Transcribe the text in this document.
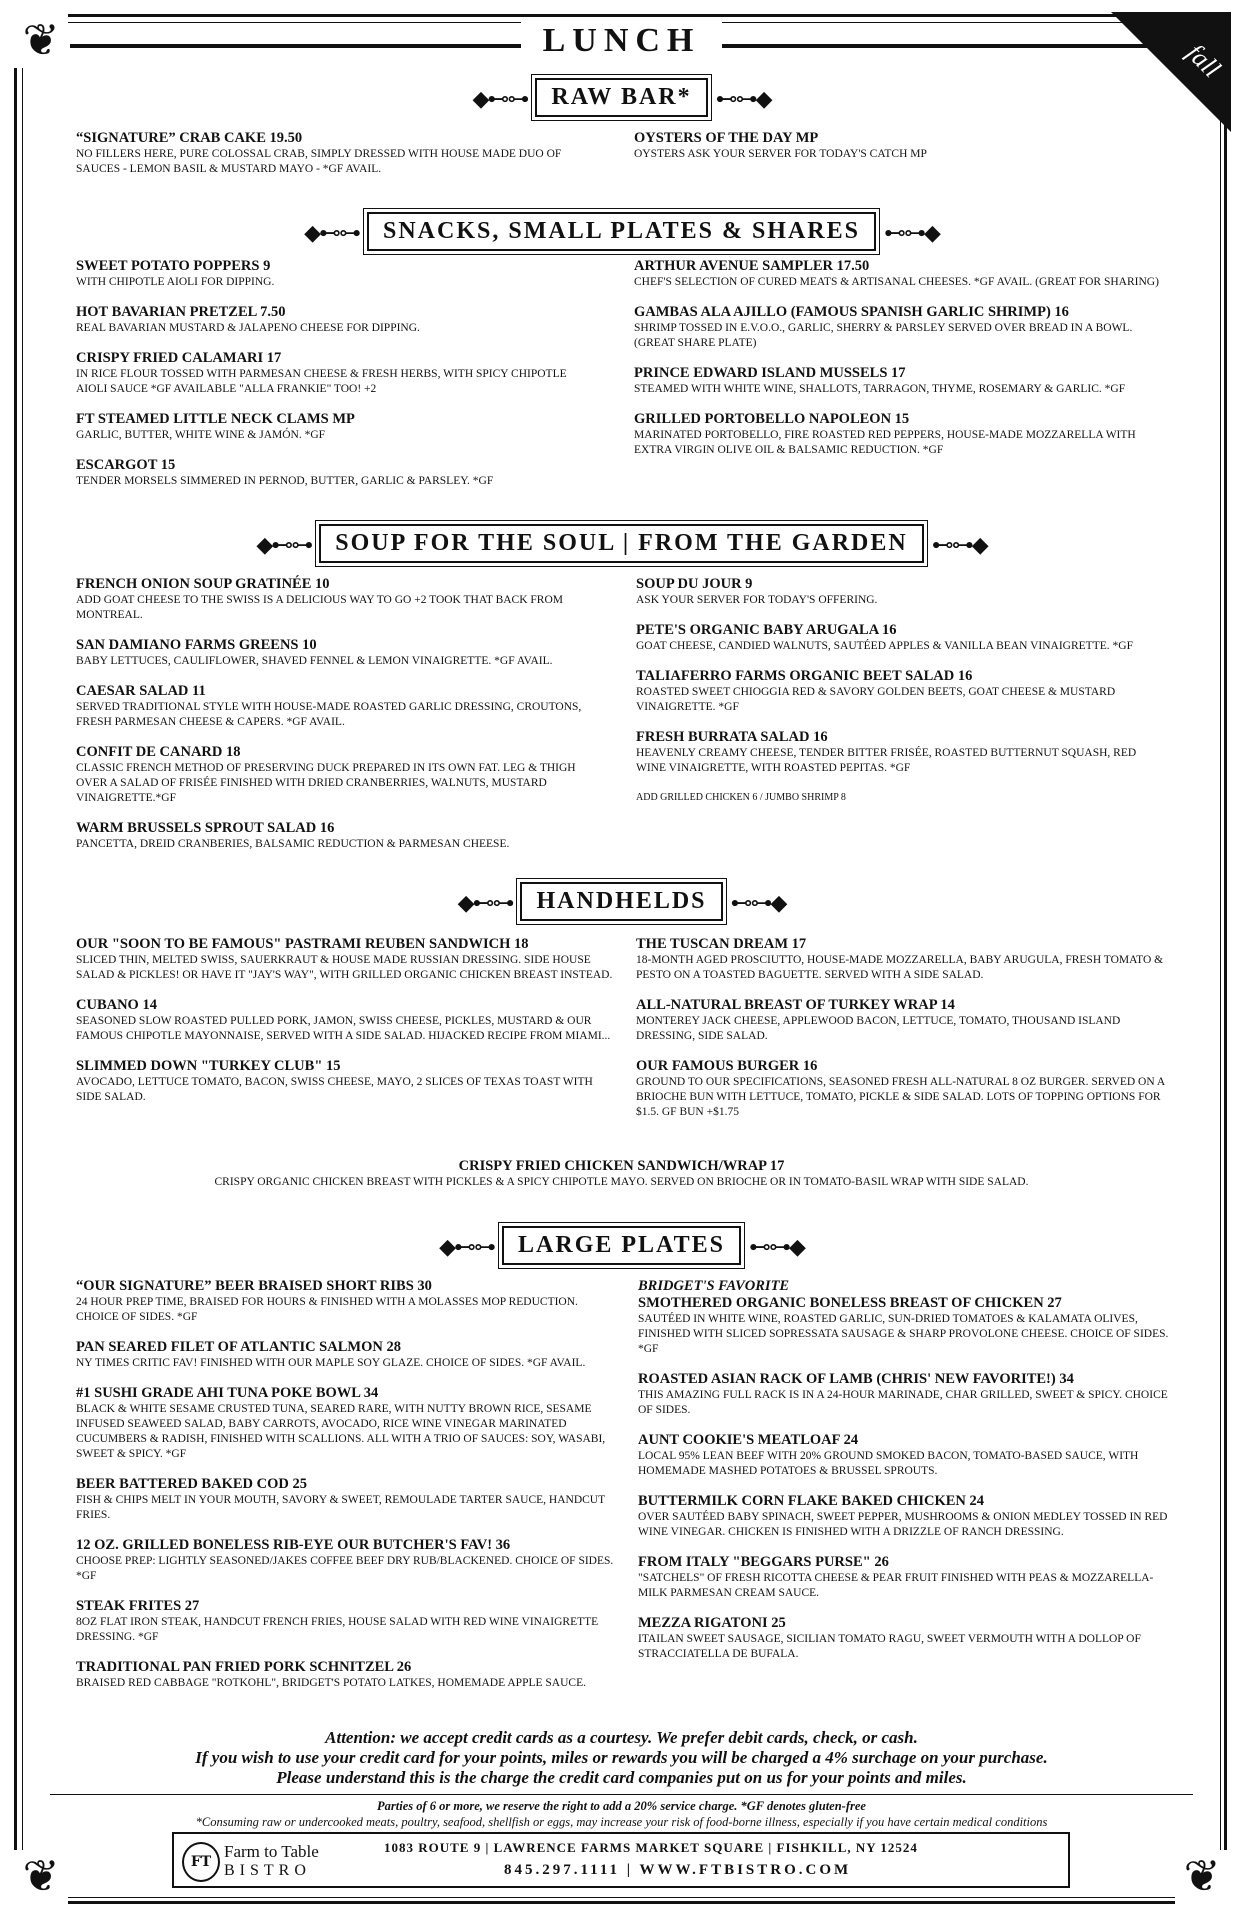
❦
❦	❦
LUNCH	fall
◆⊷⊶ RAW BAR* ⊷⊶◆
“SIGNATURE” CRAB CAKE 19.50
NO FILLERS HERE, PURE COLOSSAL CRAB, SIMPLY DRESSED WITH HOUSE MADE DUO OF SAUCES - LEMON BASIL & MUSTARD MAYO - *GF AVAIL.
OYSTERS OF THE DAY MP
OYSTERS ASK YOUR SERVER FOR TODAY'S CATCH MP
◆⊷⊶ SNACKS, SMALL PLATES & SHARES ⊷⊶◆
SWEET POTATO POPPERS 9
WITH CHIPOTLE AIOLI FOR DIPPING.
HOT BAVARIAN PRETZEL 7.50
REAL BAVARIAN MUSTARD & JALAPENO CHEESE FOR DIPPING.
CRISPY FRIED CALAMARI 17
IN RICE FLOUR TOSSED WITH PARMESAN CHEESE & FRESH HERBS, WITH SPICY CHIPOTLE AIOLI SAUCE *GF AVAILABLE "ALLA FRANKIE" TOO! +2
FT STEAMED LITTLE NECK CLAMS MP
GARLIC, BUTTER, WHITE WINE & JAMÓN. *GF
ESCARGOT 15
TENDER MORSELS SIMMERED IN PERNOD, BUTTER, GARLIC & PARSLEY. *GF
ARTHUR AVENUE SAMPLER 17.50
CHEF'S SELECTION OF CURED MEATS & ARTISANAL CHEESES. *GF AVAIL. (GREAT FOR SHARING)
GAMBAS ALA AJILLO (FAMOUS SPANISH GARLIC SHRIMP) 16
SHRIMP TOSSED IN E.V.O.O., GARLIC, SHERRY & PARSLEY SERVED OVER BREAD IN A BOWL. (GREAT SHARE PLATE)
PRINCE EDWARD ISLAND MUSSELS 17
STEAMED WITH WHITE WINE, SHALLOTS, TARRAGON, THYME, ROSEMARY & GARLIC. *GF
GRILLED PORTOBELLO NAPOLEON 15
MARINATED PORTOBELLO, FIRE ROASTED RED PEPPERS, HOUSE-MADE MOZZARELLA WITH EXTRA VIRGIN OLIVE OIL & BALSAMIC REDUCTION. *GF
◆⊷⊶ SOUP FOR THE SOUL | FROM THE GARDEN ⊷⊶◆
FRENCH ONION SOUP GRATINÉE 10
ADD GOAT CHEESE TO THE SWISS IS A DELICIOUS WAY TO GO +2 TOOK THAT BACK FROM MONTREAL.
SAN DAMIANO FARMS GREENS 10
BABY LETTUCES, CAULIFLOWER, SHAVED FENNEL & LEMON VINAIGRETTE. *GF AVAIL.
CAESAR SALAD 11
SERVED TRADITIONAL STYLE WITH HOUSE-MADE ROASTED GARLIC DRESSING, CROUTONS, FRESH PARMESAN CHEESE & CAPERS. *GF AVAIL.
CONFIT DE CANARD 18
CLASSIC FRENCH METHOD OF PRESERVING DUCK PREPARED IN ITS OWN FAT. LEG & THIGH OVER A SALAD OF FRISÉE FINISHED WITH DRIED CRANBERRIES, WALNUTS, MUSTARD VINAIGRETTE.*GF
WARM BRUSSELS SPROUT SALAD 16
PANCETTA, DREID CRANBERIES, BALSAMIC REDUCTION & PARMESAN CHEESE.
SOUP DU JOUR 9
ASK YOUR SERVER FOR TODAY'S OFFERING.
PETE'S ORGANIC BABY ARUGALA 16
GOAT CHEESE, CANDIED WALNUTS, SAUTÉED APPLES & VANILLA BEAN VINAIGRETTE. *GF
TALIAFERRO FARMS ORGANIC BEET SALAD 16
ROASTED SWEET CHIOGGIA RED & SAVORY GOLDEN BEETS, GOAT CHEESE & MUSTARD VINAIGRETTE. *GF
FRESH BURRATA SALAD 16
HEAVENLY CREAMY CHEESE, TENDER BITTER FRISÉE, ROASTED BUTTERNUT SQUASH, RED WINE VINAIGRETTE, WITH ROASTED PEPITAS. *GF
ADD GRILLED CHICKEN 6 / JUMBO SHRIMP 8
◆⊷⊶ HANDHELDS ⊷⊶◆
OUR "SOON TO BE FAMOUS" PASTRAMI REUBEN SANDWICH 18
SLICED THIN, MELTED SWISS, SAUERKRAUT & HOUSE MADE RUSSIAN DRESSING. SIDE HOUSE SALAD & PICKLES! OR HAVE IT "JAY'S WAY", WITH GRILLED ORGANIC CHICKEN BREAST INSTEAD.
CUBANO 14
SEASONED SLOW ROASTED PULLED PORK, JAMON, SWISS CHEESE, PICKLES, MUSTARD & OUR FAMOUS CHIPOTLE MAYONNAISE, SERVED WITH A SIDE SALAD. HIJACKED RECIPE FROM MIAMI...
SLIMMED DOWN "TURKEY CLUB" 15
AVOCADO, LETTUCE TOMATO, BACON, SWISS CHEESE, MAYO, 2 SLICES OF TEXAS TOAST WITH SIDE SALAD.
THE TUSCAN DREAM 17
18-MONTH AGED PROSCIUTTO, HOUSE-MADE MOZZARELLA, BABY ARUGULA, FRESH TOMATO & PESTO ON A TOASTED BAGUETTE. SERVED WITH A SIDE SALAD.
ALL-NATURAL BREAST OF TURKEY WRAP 14
MONTEREY JACK CHEESE, APPLEWOOD BACON, LETTUCE, TOMATO, THOUSAND ISLAND DRESSING, SIDE SALAD.
OUR FAMOUS BURGER 16
GROUND TO OUR SPECIFICATIONS, SEASONED FRESH ALL-NATURAL 8 OZ BURGER. SERVED ON A BRIOCHE BUN WITH LETTUCE, TOMATO, PICKLE & SIDE SALAD. LOTS OF TOPPING OPTIONS FOR $1.5. GF BUN +$1.75
CRISPY FRIED CHICKEN SANDWICH/WRAP 17
CRISPY ORGANIC CHICKEN BREAST WITH PICKLES & A SPICY CHIPOTLE MAYO. SERVED ON BRIOCHE OR IN TOMATO-BASIL WRAP WITH SIDE SALAD.
◆⊷⊶ LARGE PLATES ⊷⊶◆
“OUR SIGNATURE” BEER BRAISED SHORT RIBS 30
24 HOUR PREP TIME, BRAISED FOR HOURS & FINISHED WITH A MOLASSES MOP REDUCTION. CHOICE OF SIDES. *GF
PAN SEARED FILET OF ATLANTIC SALMON 28
NY TIMES CRITIC FAV! FINISHED WITH OUR MAPLE SOY GLAZE. CHOICE OF SIDES. *GF AVAIL.
#1 SUSHI GRADE AHI TUNA POKE BOWL 34
BLACK & WHITE SESAME CRUSTED TUNA, SEARED RARE, WITH NUTTY BROWN RICE, SESAME INFUSED SEAWEED SALAD, BABY CARROTS, AVOCADO, RICE WINE VINEGAR MARINATED CUCUMBERS & RADISH, FINISHED WITH SCALLIONS. ALL WITH A TRIO OF SAUCES: SOY, WASABI, SWEET & SPICY. *GF
BEER BATTERED BAKED COD 25
FISH & CHIPS MELT IN YOUR MOUTH, SAVORY & SWEET, REMOULADE TARTER SAUCE, HANDCUT FRIES.
12 OZ. GRILLED BONELESS RIB-EYE OUR BUTCHER'S FAV! 36
CHOOSE PREP: LIGHTLY SEASONED/JAKES COFFEE BEEF DRY RUB/BLACKENED. CHOICE OF SIDES. *GF
STEAK FRITES 27
8OZ FLAT IRON STEAK, HANDCUT FRENCH FRIES, HOUSE SALAD WITH RED WINE VINAIGRETTE DRESSING. *GF
TRADITIONAL PAN FRIED PORK SCHNITZEL 26
BRAISED RED CABBAGE "ROTKOHL", BRIDGET'S POTATO LATKES, HOMEMADE APPLE SAUCE.
BRIDGET'S FAVORITE
SMOTHERED ORGANIC BONELESS BREAST OF CHICKEN 27
SAUTÉED IN WHITE WINE, ROASTED GARLIC, SUN-DRIED TOMATOES & KALAMATA OLIVES, FINISHED WITH SLICED SOPRESSATA SAUSAGE & SHARP PROVOLONE CHEESE. CHOICE OF SIDES. *GF
ROASTED ASIAN RACK OF LAMB (CHRIS' NEW FAVORITE!) 34
THIS AMAZING FULL RACK IS IN A 24-HOUR MARINADE, CHAR GRILLED, SWEET & SPICY. CHOICE OF SIDES.
AUNT COOKIE'S MEATLOAF 24
LOCAL 95% LEAN BEEF WITH 20% GROUND SMOKED BACON, TOMATO-BASED SAUCE, WITH HOMEMADE MASHED POTATOES & BRUSSEL SPROUTS.
BUTTERMILK CORN FLAKE BAKED CHICKEN 24
OVER SAUTÉED BABY SPINACH, SWEET PEPPER, MUSHROOMS & ONION MEDLEY TOSSED IN RED WINE VINEGAR. CHICKEN IS FINISHED WITH A DRIZZLE OF RANCH DRESSING.
FROM ITALY "BEGGARS PURSE" 26
"SATCHELS" OF FRESH RICOTTA CHEESE & PEAR FRUIT FINISHED WITH PEAS & MOZZARELLA-MILK PARMESAN CREAM SAUCE.
MEZZA RIGATONI 25
ITAILAN SWEET SAUSAGE, SICILIAN TOMATO RAGU, SWEET VERMOUTH WITH A DOLLOP OF STRACCIATELLA DE BUFALA.
Attention: we accept credit cards as a courtesy. We prefer debit cards, check, or cash.
If you wish to use your credit card for your points, miles or rewards you will be charged a 4% surchage on your purchase.
Please understand this is the charge the credit card companies put on us for your points and miles.
Parties of 6 or more, we reserve the right to add a 20% service charge. *GF denotes gluten-free
*Consuming raw or undercooked meats, poultry, seafood, shellfish or eggs, may increase your risk of food-borne illness, especially if you have certain medical conditions
FT
Farm to Table
BISTRO
1083 ROUTE 9 | LAWRENCE FARMS MARKET SQUARE | FISHKILL, NY 12524
845.297.1111 | WWW.FTBISTRO.COM
